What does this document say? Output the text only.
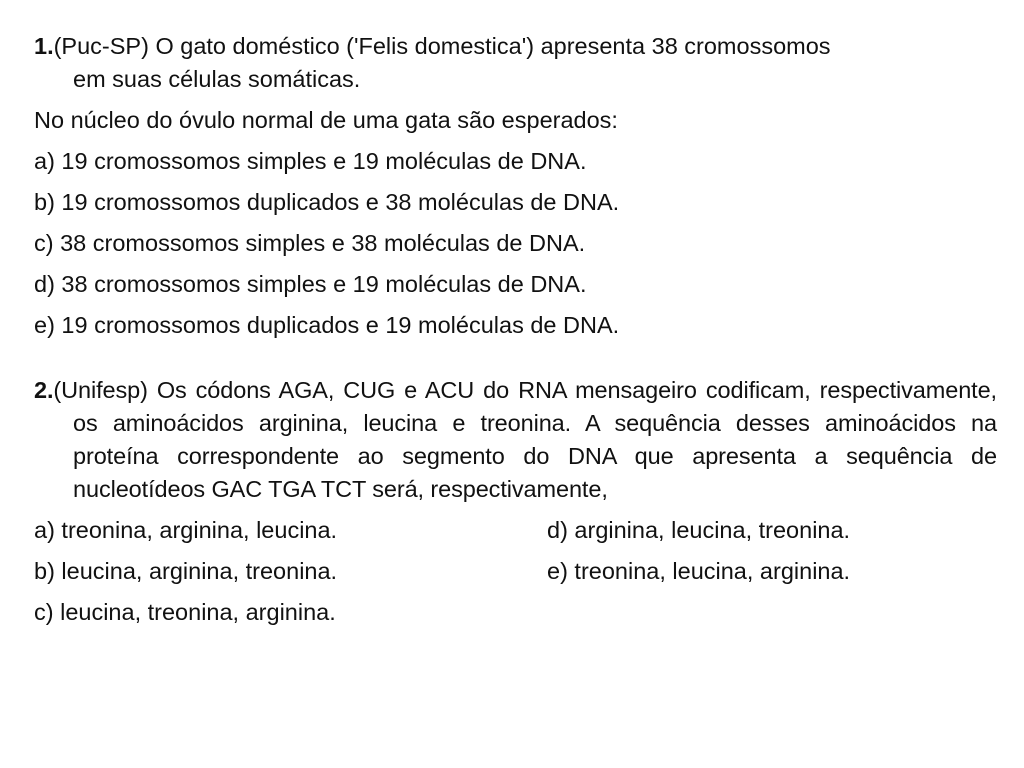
1.(Puc-SP) O gato doméstico ('Felis domestica') apresenta 38 cromossomos
em suas células somáticas.
No núcleo do óvulo normal de uma gata são esperados:
a) 19 cromossomos simples e 19 moléculas de DNA.
b) 19 cromossomos duplicados e 38 moléculas de DNA.
c) 38 cromossomos simples e 38 moléculas de DNA.
d) 38 cromossomos simples e 19 moléculas de DNA.
e) 19 cromossomos duplicados e 19 moléculas de DNA.
2.(Unifesp) Os códons AGA, CUG e ACU do RNA mensageiro codificam, respectivamente, os aminoácidos arginina, leucina e treonina. A sequência desses aminoácidos na proteína correspondente ao segmento do DNA que apresenta a sequência de nucleotídeos GAC TGA TCT será, respectivamente,
a) treonina, arginina, leucina.	d) arginina, leucina, treonina.
b) leucina, arginina, treonina.	e) treonina, leucina, arginina.
c) leucina, treonina, arginina.
